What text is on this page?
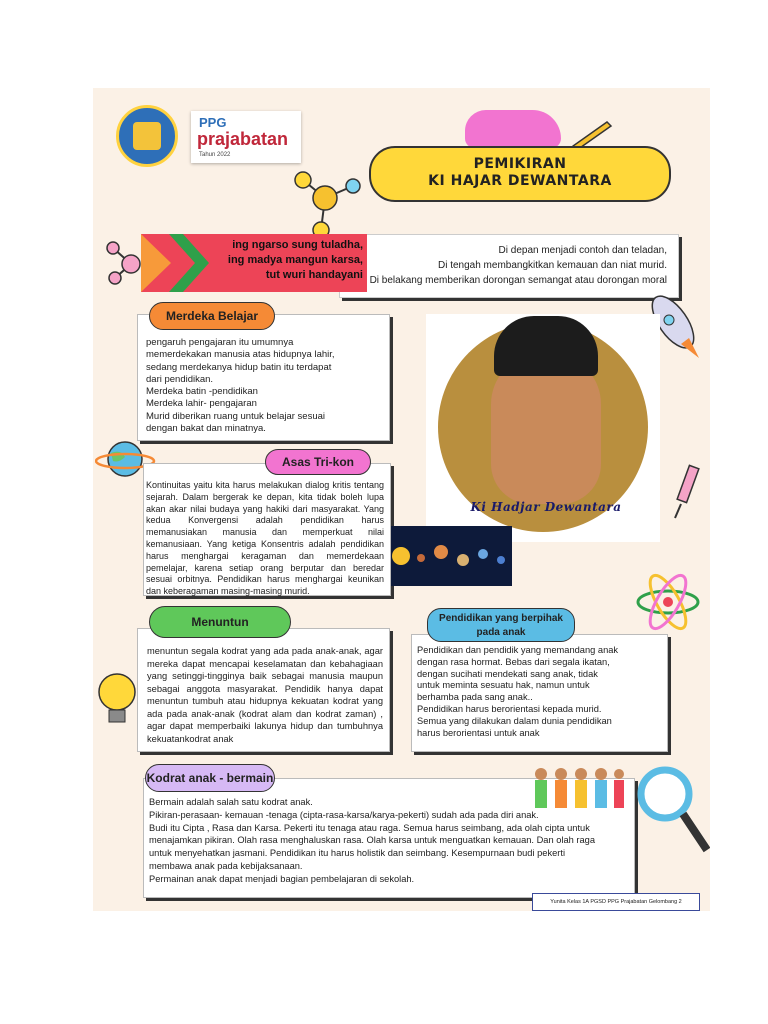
PPG
prajabatan
Tahun 2022
PEMIKIRAN
KI HAJAR DEWANTARA
ing ngarso sung tuladha,
ing madya mangun karsa,
tut wuri handayani
Di depan menjadi contoh dan teladan,
Di tengah membangkitkan kemauan dan niat murid.
Di belakang memberikan dorongan semangat atau dorongan moral
Merdeka Belajar
pengaruh pengajaran itu umumnya
memerdekakan manusia atas hidupnya lahir,
sedang merdekanya hidup batin itu terdapat
dari pendidikan.
Merdeka batin -pendidikan
Merdeka lahir- pengajaran
Murid diberikan ruang untuk belajar sesuai
dengan bakat dan minatnya.
Ki Hadjar Dewantara
Asas Tri-kon
Kontinuitas yaitu kita harus melakukan dialog kritis tentang sejarah. Dalam bergerak ke depan, kita tidak boleh lupa akan akar nilai budaya yang hakiki dari masyarakat. Yang kedua Konvergensi adalah pendidikan harus memanusiakan manusia dan memperkuat nilai kemanusiaan. Yang ketiga Konsentris adalah pendidikan harus menghargai keragaman dan memerdekaan pemelajar, karena setiap orang berputar dan beredar sesuai orbitnya. Pendidikan harus menghargai keunikan dan keberagaman masing-masing murid.
Menuntun
menuntun segala kodrat yang ada pada anak-anak, agar mereka dapat mencapai keselamatan dan kebahagiaan yang setinggi-tingginya baik sebagai manusia maupun sebagai anggota masyarakat. Pendidik hanya dapat menuntun tumbuh atau hidupnya kekuatan kodrat yang ada pada anak-anak (kodrat alam dan kodrat zaman) , agar dapat memperbaiki lakunya hidup dan tumbuhnya kekuatankodrat anak
Pendidikan yang berpihak
pada anak
Pendidikan dan pendidik yang memandang anak
dengan rasa hormat. Bebas dari segala ikatan,
dengan sucihati mendekati sang anak, tidak
untuk meminta sesuatu hak, namun untuk
berhamba pada sang anak..
Pendidikan harus berorientasi kepada murid.
Semua yang dilakukan dalam dunia pendidikan
harus berorientasi untuk anak
Kodrat anak - bermain
Bermain adalah salah satu kodrat anak.
Pikiran-perasaan- kemauan -tenaga (cipta-rasa-karsa/karya-pekerti) sudah ada pada diri anak.
Budi itu Cipta , Rasa dan Karsa. Pekerti itu tenaga atau raga. Semua harus seimbang, ada olah cipta untuk
menajamkan pikiran. Olah rasa menghaluskan rasa. Olah karsa untuk menguatkan kemauan. Dan olah raga
untuk menyehatkan jasmani. Pendidikan itu harus holistik dan seimbang. Kesempurnaan budi pekerti
membawa anak pada kebijaksanaan.
Permainan anak dapat menjadi bagian pembelajaran di sekolah.
Yunita Kelas 1A PGSD PPG Prajabatan Gelombang 2
